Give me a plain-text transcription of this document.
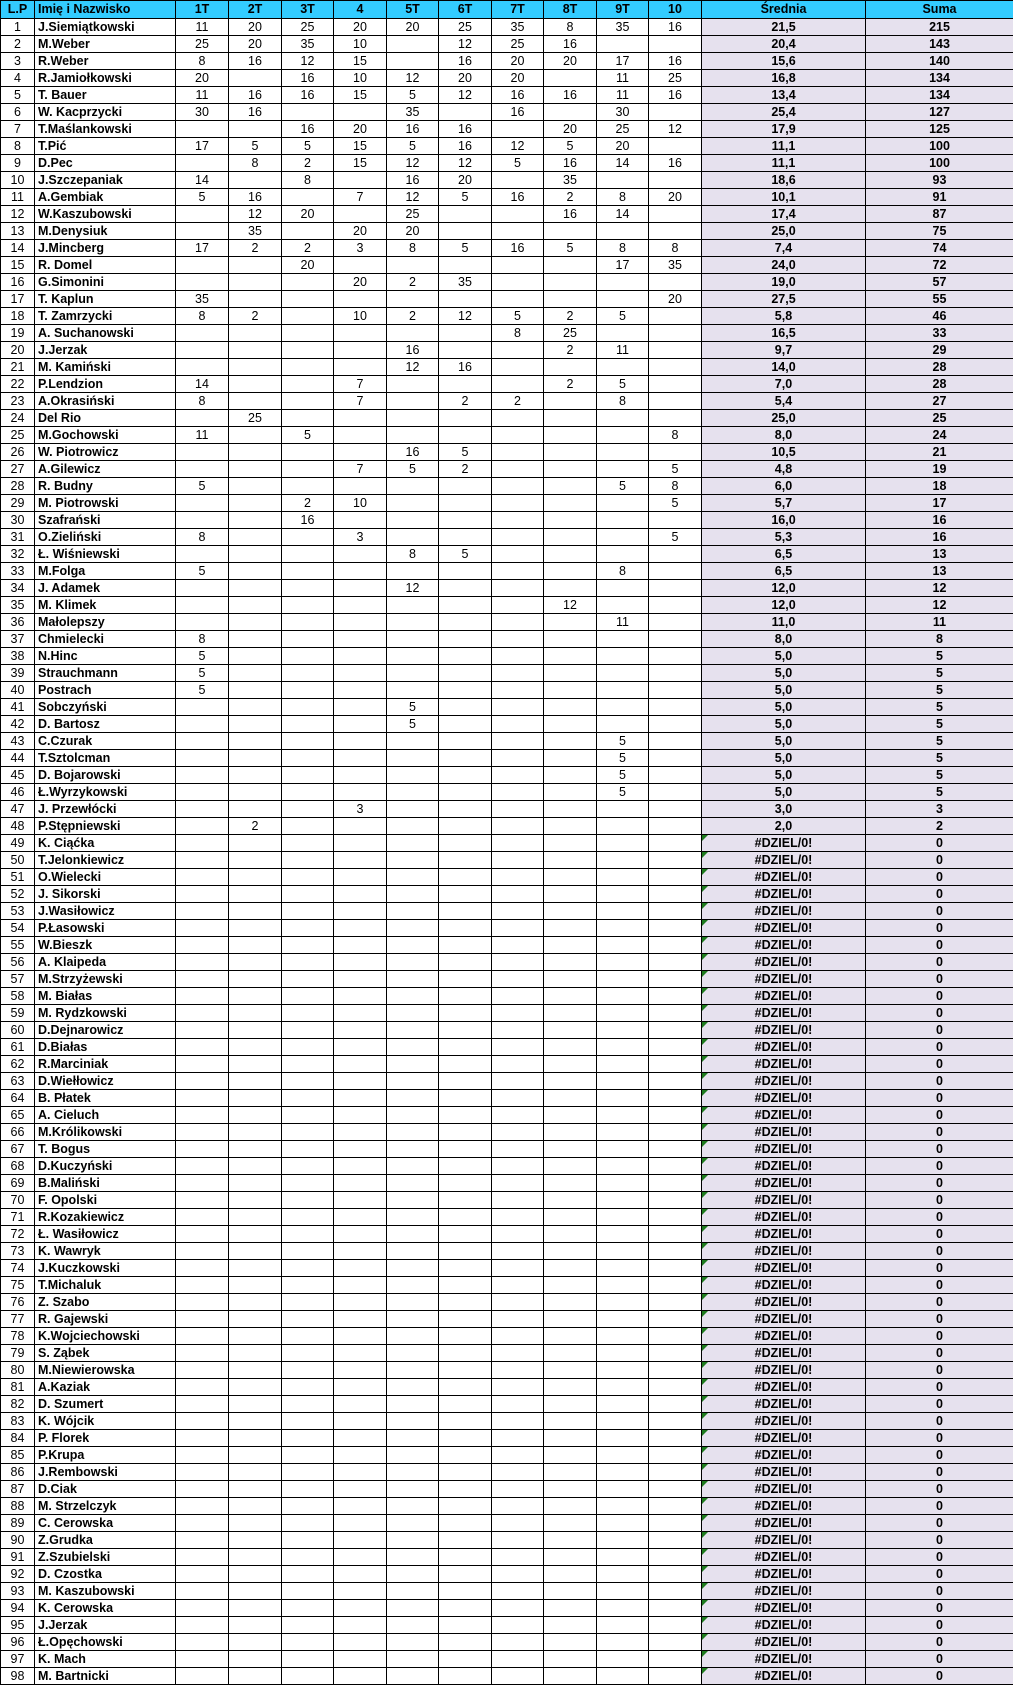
L.P	Imię i Nazwisko	1T	2T	3T	4	5T	6T	7T	8T	9T	10	Średnia	Suma
1	J.Siemiątkowski	11	20	25	20	20	25	35	8	35	16	21,5	215
2	M.Weber	25	20	35	10		12	25	16			20,4	143
3	R.Weber	8	16	12	15		16	20	20	17	16	15,6	140
4	R.Jamiołkowski	20		16	10	12	20	20		11	25	16,8	134
5	T. Bauer	11	16	16	15	5	12	16	16	11	16	13,4	134
6	W. Kacprzycki	30	16			35		16		30		25,4	127
7	T.Maślankowski			16	20	16	16		20	25	12	17,9	125
8	T.Pić	17	5	5	15	5	16	12	5	20		11,1	100
9	D.Pec		8	2	15	12	12	5	16	14	16	11,1	100
10	J.Szczepaniak	14		8		16	20		35			18,6	93
11	A.Gembiak	5	16		7	12	5	16	2	8	20	10,1	91
12	W.Kaszubowski		12	20		25			16	14		17,4	87
13	M.Denysiuk		35		20	20						25,0	75
14	J.Mincberg	17	2	2	3	8	5	16	5	8	8	7,4	74
15	R. Domel			20						17	35	24,0	72
16	G.Simonini				20	2	35					19,0	57
17	T. Kaplun	35									20	27,5	55
18	T. Zamrzycki	8	2		10	2	12	5	2	5		5,8	46
19	A. Suchanowski							8	25			16,5	33
20	J.Jerzak					16			2	11		9,7	29
21	M. Kamiński					12	16					14,0	28
22	P.Lendzion	14			7				2	5		7,0	28
23	A.Okrasiński	8			7		2	2		8		5,4	27
24	Del Rio		25									25,0	25
25	M.Gochowski	11		5							8	8,0	24
26	W. Piotrowicz					16	5					10,5	21
27	A.Gilewicz				7	5	2				5	4,8	19
28	R. Budny	5								5	8	6,0	18
29	M. Piotrowski			2	10						5	5,7	17
30	Szafrański			16								16,0	16
31	O.Zieliński	8			3						5	5,3	16
32	Ł. Wiśniewski					8	5					6,5	13
33	M.Folga	5								8		6,5	13
34	J. Adamek					12						12,0	12
35	M. Klimek								12			12,0	12
36	Małolepszy									11		11,0	11
37	Chmielecki	8										8,0	8
38	N.Hinc	5										5,0	5
39	Strauchmann	5										5,0	5
40	Postrach	5										5,0	5
41	Sobczyński					5						5,0	5
42	D. Bartosz					5						5,0	5
43	C.Czurak									5		5,0	5
44	T.Sztolcman									5		5,0	5
45	D. Bojarowski									5		5,0	5
46	Ł.Wyrzykowski									5		5,0	5
47	J. Przewłócki				3							3,0	3
48	P.Stępniewski		2									2,0	2
49	K. Ciąćka											#DZIEL/0!	0
50	T.Jelonkiewicz											#DZIEL/0!	0
51	O.Wielecki											#DZIEL/0!	0
52	J. Sikorski											#DZIEL/0!	0
53	J.Wasiłowicz											#DZIEL/0!	0
54	P.Łasowski											#DZIEL/0!	0
55	W.Bieszk											#DZIEL/0!	0
56	A. Klaipeda											#DZIEL/0!	0
57	M.Strzyżewski											#DZIEL/0!	0
58	M. Białas											#DZIEL/0!	0
59	M. Rydzkowski											#DZIEL/0!	0
60	D.Dejnarowicz											#DZIEL/0!	0
61	D.Białas											#DZIEL/0!	0
62	R.Marciniak											#DZIEL/0!	0
63	D.Wiełłowicz											#DZIEL/0!	0
64	B. Płatek											#DZIEL/0!	0
65	A. Cieluch											#DZIEL/0!	0
66	M.Królikowski											#DZIEL/0!	0
67	T. Bogus											#DZIEL/0!	0
68	D.Kuczyński											#DZIEL/0!	0
69	B.Maliński											#DZIEL/0!	0
70	F. Opolski											#DZIEL/0!	0
71	R.Kozakiewicz											#DZIEL/0!	0
72	Ł. Wasiłowicz											#DZIEL/0!	0
73	K. Wawryk											#DZIEL/0!	0
74	J.Kuczkowski											#DZIEL/0!	0
75	T.Michaluk											#DZIEL/0!	0
76	Z. Szabo											#DZIEL/0!	0
77	R. Gajewski											#DZIEL/0!	0
78	K.Wojciechowski											#DZIEL/0!	0
79	S. Ząbek											#DZIEL/0!	0
80	M.Niewierowska											#DZIEL/0!	0
81	A.Kaziak											#DZIEL/0!	0
82	D. Szumert											#DZIEL/0!	0
83	K. Wójcik											#DZIEL/0!	0
84	P. Florek											#DZIEL/0!	0
85	P.Krupa											#DZIEL/0!	0
86	J.Rembowski											#DZIEL/0!	0
87	D.Ciak											#DZIEL/0!	0
88	M. Strzelczyk											#DZIEL/0!	0
89	C. Cerowska											#DZIEL/0!	0
90	Z.Grudka											#DZIEL/0!	0
91	Z.Szubielski											#DZIEL/0!	0
92	D. Czostka											#DZIEL/0!	0
93	M. Kaszubowski											#DZIEL/0!	0
94	K. Cerowska											#DZIEL/0!	0
95	J.Jerzak											#DZIEL/0!	0
96	Ł.Opęchowski											#DZIEL/0!	0
97	K. Mach											#DZIEL/0!	0
98	M. Bartnicki											#DZIEL/0!	0
